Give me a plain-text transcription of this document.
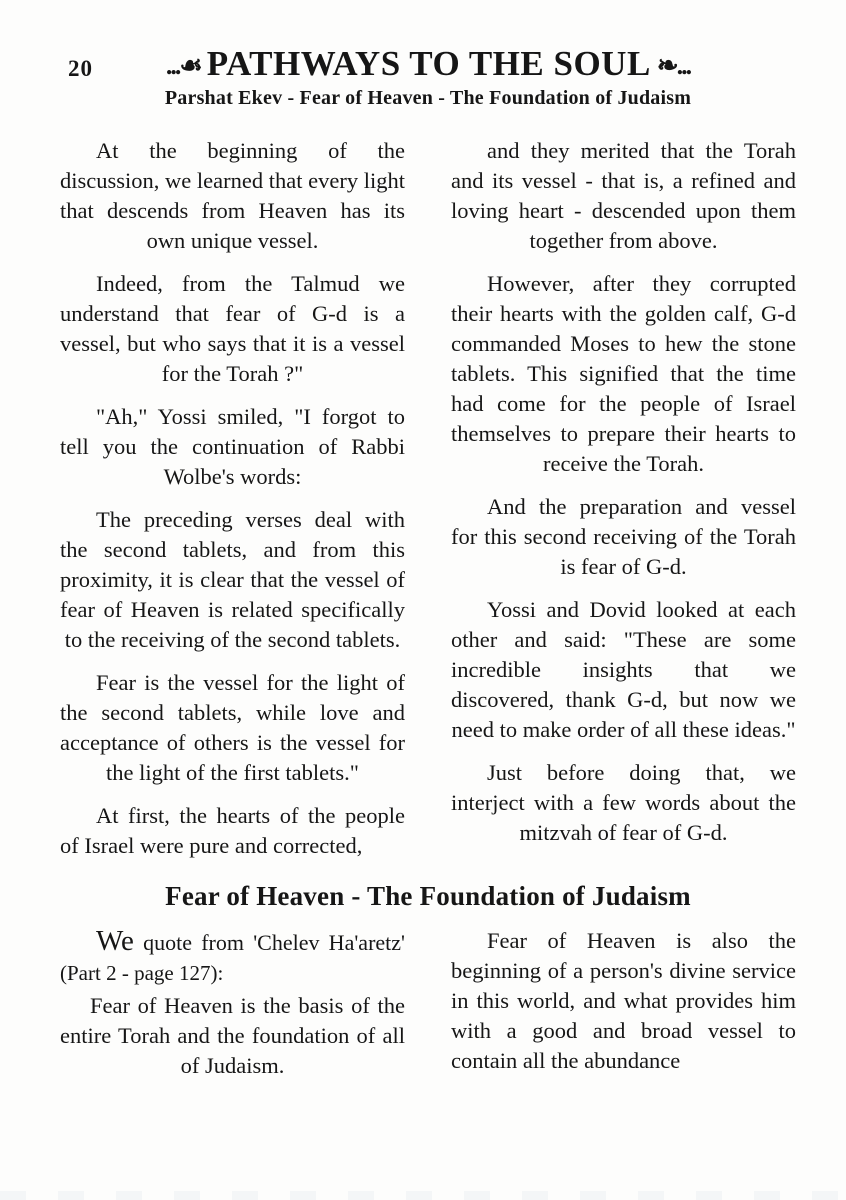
20	...☙ PATHWAYS TO THE SOUL ❧...
Parshat Ekev - Fear of Heaven - The Foundation of Judaism

At the beginning of the discussion, we learned that every light that descends from Heaven has its own unique vessel.

Indeed, from the Talmud we understand that fear of G-d is a vessel, but who says that it is a vessel for the Torah ?"

"Ah," Yossi smiled, "I forgot to tell you the continuation of Rabbi Wolbe's words:

The preceding verses deal with the second tablets, and from this proximity, it is clear that the vessel of fear of Heaven is related specifically to the receiving of the second tablets.

Fear is the vessel for the light of the second tablets, while love and acceptance of others is the vessel for the light of the first tablets."

At first, the hearts of the people of Israel were pure and corrected,

and they merited that the Torah and its vessel - that is, a refined and loving heart - descended upon them together from above.

However, after they corrupted their hearts with the golden calf, G-d commanded Moses to hew the stone tablets. This signified that the time had come for the people of Israel themselves to prepare their hearts to receive the Torah.

And the preparation and vessel for this second receiving of the Torah is fear of G-d.

Yossi and Dovid looked at each other and said: "These are some incredible insights that we discovered, thank G-d, but now we need to make order of all these ideas."

Just before doing that, we interject with a few words about the mitzvah of fear of G-d.

Fear of Heaven - The Foundation of Judaism

We quote from 'Chelev Ha'aretz'

(Part 2 - page 127):

Fear of Heaven is the basis of the entire Torah and the foundation of all of Judaism.

Fear of Heaven is also the beginning of a person's divine service in this world, and what provides him with a good and broad vessel to contain all the abundance
